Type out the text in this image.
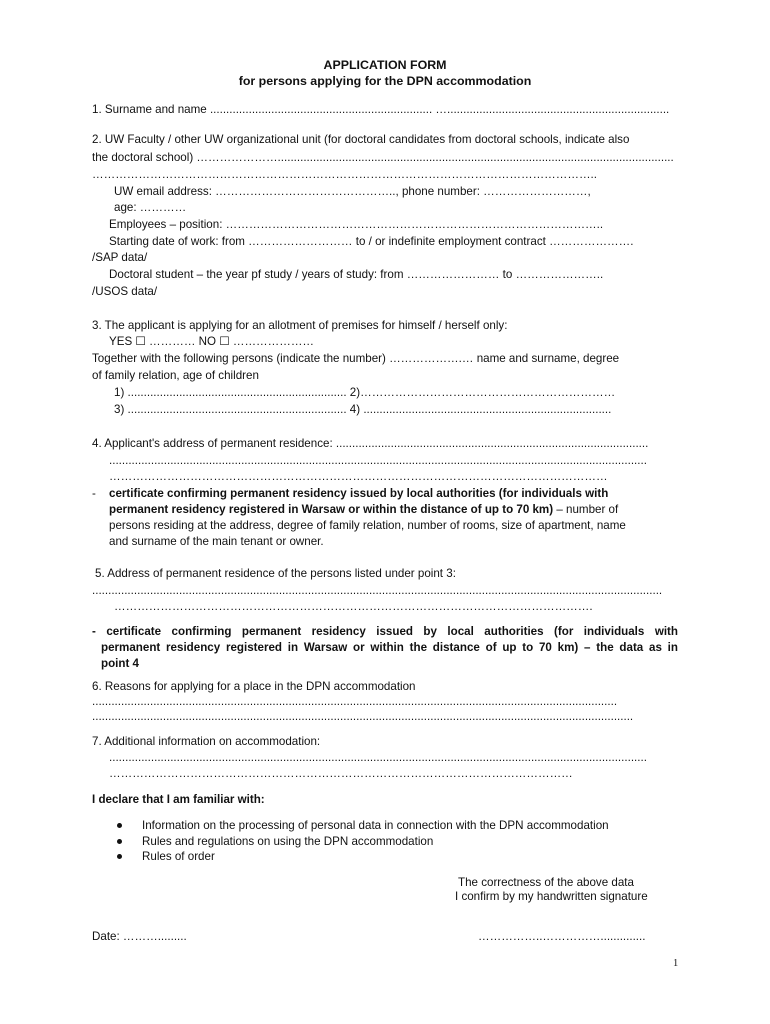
APPLICATION FORM
for persons applying for the DPN accommodation
1. Surname and name ..................................................................... ….....................................................................
2. UW Faculty / other UW organizational unit (for doctoral candidates from doctoral schools, indicate also
the doctoral school) …………………...........................................................................................................................
…………………………………………………………………………………………………………………..
UW email address: ……………………………………….., phone number: ………………………,
age: …………
Employees – position: ……………………………………………………………………………………..
Starting date of work: from ……………………… to / or indefinite employment contract ………………….
/SAP data/
Doctoral student – the year pf study / years of study: from …………………… to …………………..
/USOS data/
3. The applicant is applying for an allotment of premises for himself / herself only:
YES ☐ ………… NO ☐ …………………
Together with the following persons (indicate the number) ……………….… name and surname, degree
of family relation, age of children
1) .................................................................... 2)…………………………………………………………
3) .................................................................... 4) .............................................................................
4. Applicant's address of permanent residence: .................................................................................................
.......................................................................................................................................................................
…………………………………………………………………………………………………………………
- certificate confirming permanent residency issued by local authorities (for individuals with
permanent residency registered in Warsaw or within the distance of up to 70 km) – number of
persons residing at the address, degree of family relation, number of rooms, size of apartment, name
and surname of the main tenant or owner.
5. Address of permanent residence of the persons listed under point 3:
.................................................................................................................................................................................
…………………………………………………………………………………………………………….
- certificate confirming permanent residency issued by local authorities (for individuals with
permanent residency registered in Warsaw or within the distance of up to 70 km) – the data as in
point 4
6. Reasons for applying for a place in the DPN accommodation
...................................................................................................................................................................
........................................................................................................................................................................
7. Additional information on accommodation:
.......................................................................................................................................................................
…………………………………………………………………………………………………………
I declare that I am familiar with:
Information on the processing of personal data in connection with the DPN accommodation
Rules and regulations on using the DPN accommodation
Rules of order
The correctness of the above data
I confirm by my handwritten signature
Date: ……….........	……………..……………..............
1
